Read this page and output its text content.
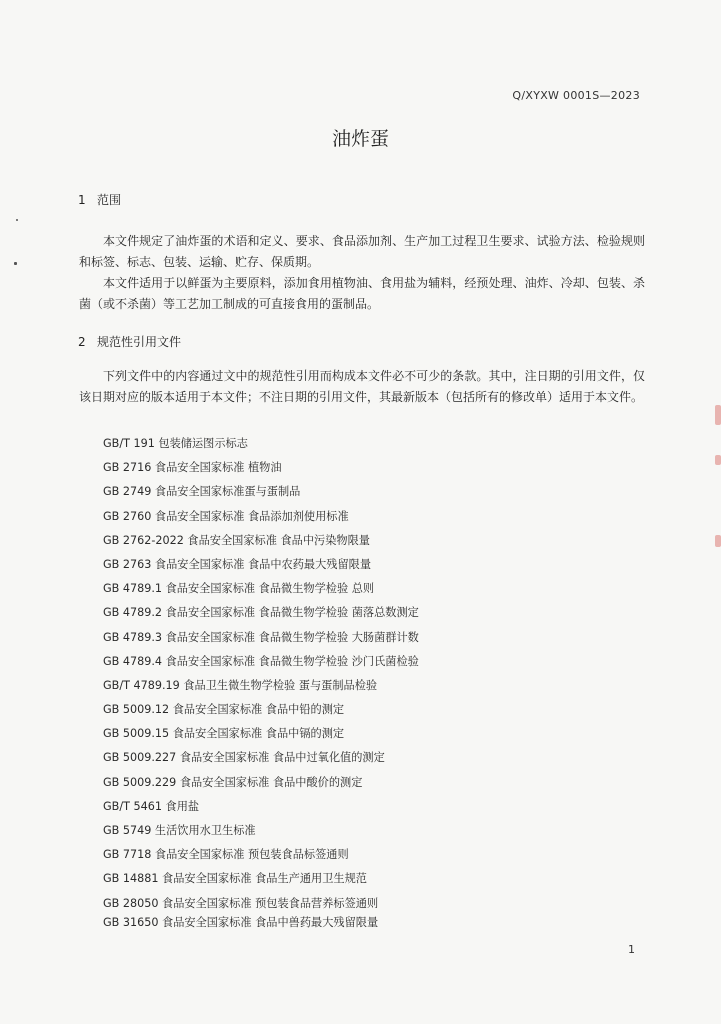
Q/XYXW 0001S—2023
油炸蛋
1 范围
本文件规定了油炸蛋的术语和定义、要求、食品添加剂、生产加工过程卫生要求、试验方法、检验规则和标签、标志、包装、运输、贮存、保质期。
本文件适用于以鲜蛋为主要原料，添加食用植物油、食用盐为辅料，经预处理、油炸、冷却、包装、杀菌（或不杀菌）等工艺加工制成的可直接食用的蛋制品。
2 规范性引用文件
下列文件中的内容通过文中的规范性引用而构成本文件必不可少的条款。其中，注日期的引用文件，仅该日期对应的版本适用于本文件；不注日期的引用文件，其最新版本（包括所有的修改单）适用于本文件。
GB/T 191 包装储运图示标志
GB 2716 食品安全国家标准 植物油
GB 2749 食品安全国家标准蛋与蛋制品
GB 2760 食品安全国家标准 食品添加剂使用标准
GB 2762-2022 食品安全国家标准 食品中污染物限量
GB 2763 食品安全国家标准 食品中农药最大残留限量
GB 4789.1 食品安全国家标准 食品微生物学检验 总则
GB 4789.2 食品安全国家标准 食品微生物学检验 菌落总数测定
GB 4789.3 食品安全国家标准 食品微生物学检验 大肠菌群计数
GB 4789.4 食品安全国家标准 食品微生物学检验 沙门氏菌检验
GB/T 4789.19 食品卫生微生物学检验 蛋与蛋制品检验
GB 5009.12 食品安全国家标准 食品中铅的测定
GB 5009.15 食品安全国家标准 食品中镉的测定
GB 5009.227 食品安全国家标准 食品中过氧化值的测定
GB 5009.229 食品安全国家标准 食品中酸价的测定
GB/T 5461 食用盐
GB 5749 生活饮用水卫生标准
GB 7718 食品安全国家标准 预包装食品标签通则
GB 14881 食品安全国家标准 食品生产通用卫生规范
GB 28050 食品安全国家标准 预包装食品营养标签通则
GB 31650 食品安全国家标准 食品中兽药最大残留限量
1
